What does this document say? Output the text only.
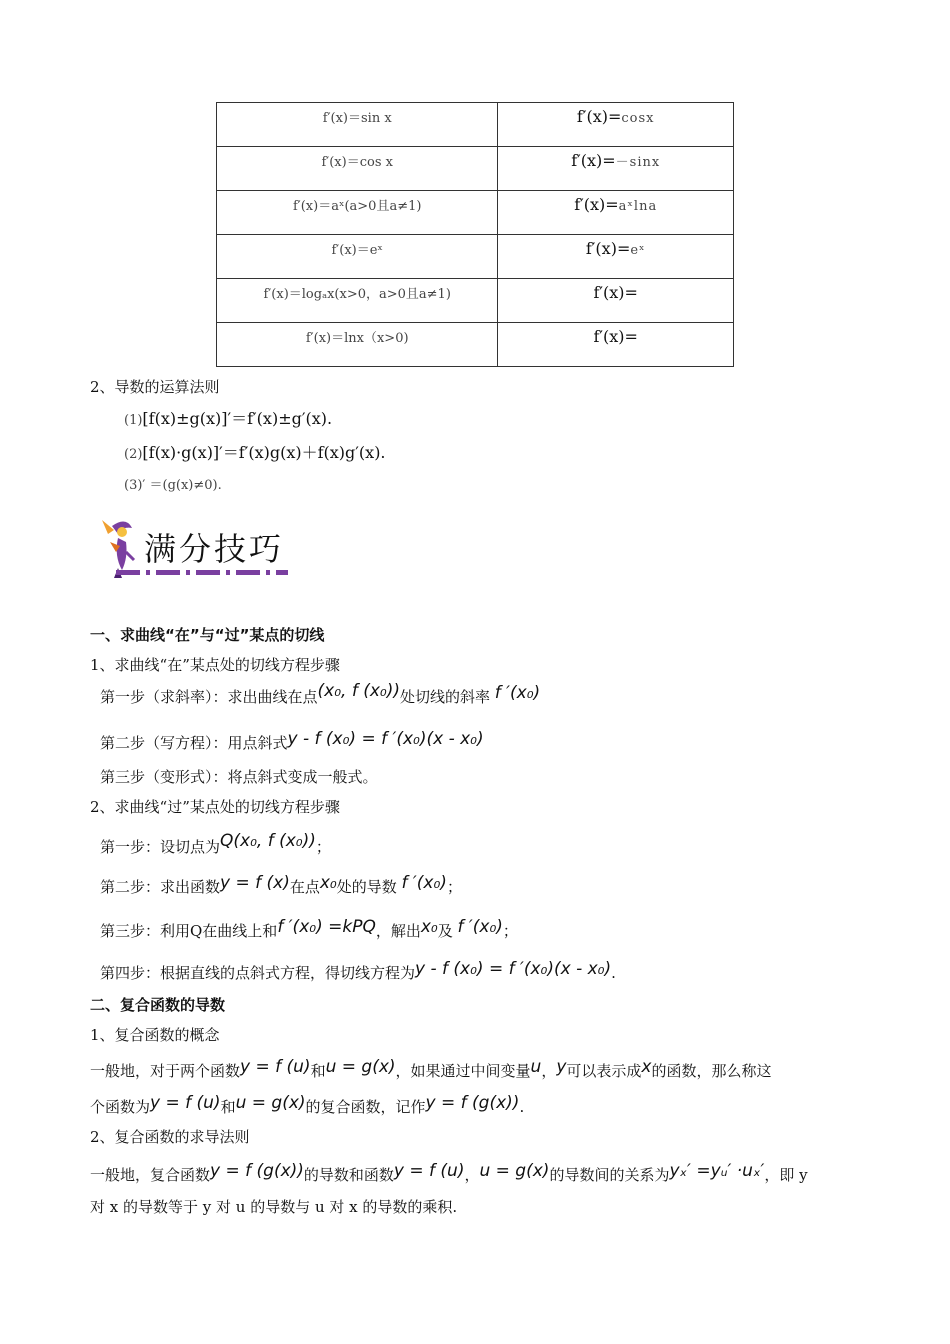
f′(x)＝sin x	f′(x)=cosx
f′(x)＝cos x	f′(x)=－sinx
f′(x)＝aˣ(a>0且a≠1)	f′(x)=aˣlna
f′(x)＝eˣ	f′(x)=eˣ
f′(x)＝logₐx(x>0，a>0且a≠1)	f′(x)=
f′(x)＝lnx（x>0)	f′(x)=
2、导数的运算法则
(1)[f(x)±g(x)]′＝f′(x)±g′(x).
(2)[f(x)·g(x)]′＝f′(x)g(x)＋f(x)g′(x).
(3)′ ＝(g(x)≠0).
满分技巧
一、求曲线“在”与“过”某点的切线
1、求曲线“在”某点处的切线方程步骤
第一步（求斜率）：求出曲线在点(x₀, f (x₀))处切线的斜率 f ′(x₀)
第二步（写方程）：用点斜式y - f (x₀) = f ′(x₀)(x - x₀)
第三步（变形式）：将点斜式变成一般式。
2、求曲线“过”某点处的切线方程步骤
第一步：设切点为Q(x₀, f (x₀))；
第二步：求出函数y = f (x)在点x₀处的导数 f ′(x₀)；
第三步：利用Q在曲线上和f ′(x₀) =kPQ，解出x₀及 f ′(x₀)；
第四步：根据直线的点斜式方程，得切线方程为y - f (x₀) = f ′(x₀)(x - x₀).
二、复合函数的导数
1、复合函数的概念
一般地，对于两个函数y = f (u)和u = g(x)，如果通过中间变量u，y可以表示成x的函数，那么称这
个函数为y = f (u)和u = g(x)的复合函数，记作y = f (g(x)).
2、复合函数的求导法则
一般地，复合函数y = f (g(x))的导数和函数y = f (u)，u = g(x)的导数间的关系为yₓ′ =yᵤ′ ·uₓ′，即 y
对 x 的导数等于 y 对 u 的导数与 u 对 x 的导数的乘积.
